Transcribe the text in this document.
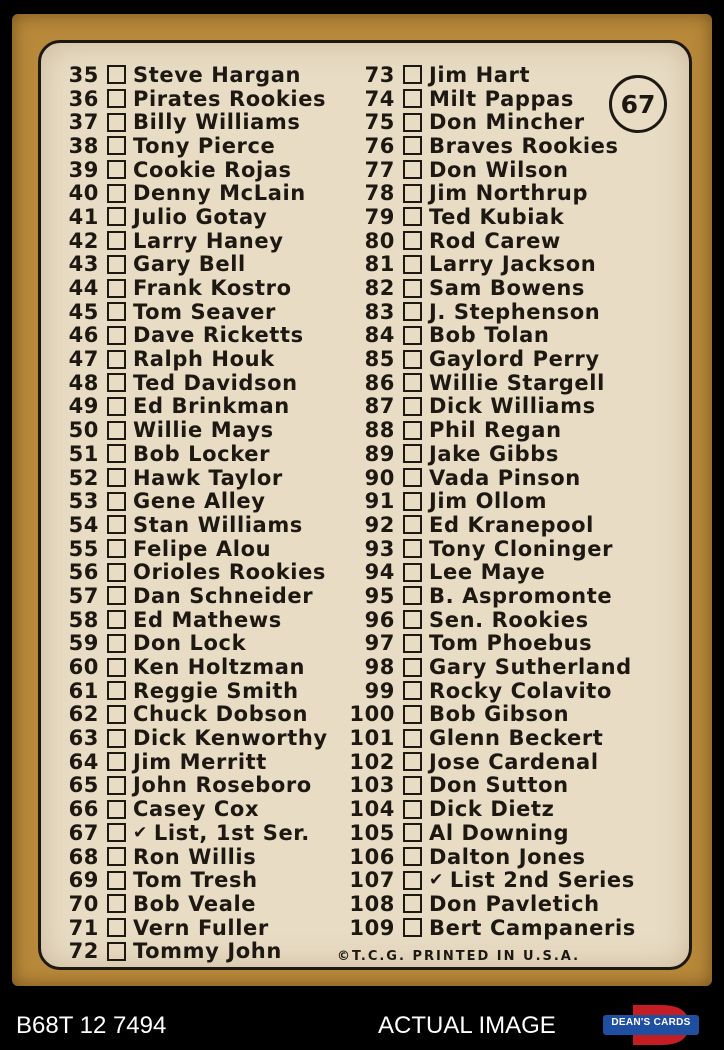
35 Steve Hargan
36 Pirates Rookies
37 Billy Williams
38 Tony Pierce
39 Cookie Rojas
40 Denny McLain
41 Julio Gotay
42 Larry Haney
43 Gary Bell
44 Frank Kostro
45 Tom Seaver
46 Dave Ricketts
47 Ralph Houk
48 Ted Davidson
49 Ed Brinkman
50 Willie Mays
51 Bob Locker
52 Hawk Taylor
53 Gene Alley
54 Stan Williams
55 Felipe Alou
56 Orioles Rookies
57 Dan Schneider
58 Ed Mathews
59 Don Lock
60 Ken Holtzman
61 Reggie Smith
62 Chuck Dobson
63 Dick Kenworthy
64 Jim Merritt
65 John Roseboro
66 Casey Cox
67 ✔ List, 1st Ser.
68 Ron Willis
69 Tom Tresh
70 Bob Veale
71 Vern Fuller
72 Tommy John
73 Jim Hart
74 Milt Pappas
75 Don Mincher
76 Braves Rookies
77 Don Wilson
78 Jim Northrup
79 Ted Kubiak
80 Rod Carew
81 Larry Jackson
82 Sam Bowens
83 J. Stephenson
84 Bob Tolan
85 Gaylord Perry
86 Willie Stargell
87 Dick Williams
88 Phil Regan
89 Jake Gibbs
90 Vada Pinson
91 Jim Ollom
92 Ed Kranepool
93 Tony Cloninger
94 Lee Maye
95 B. Aspromonte
96 Sen. Rookies
97 Tom Phoebus
98 Gary Sutherland
99 Rocky Colavito
100 Bob Gibson
101 Glenn Beckert
102 Jose Cardenal
103 Don Sutton
104 Dick Dietz
105 Al Downing
106 Dalton Jones
107 ✔ List 2nd Series
108 Don Pavletich
109 Bert Campaneris
67
©T.C.G. PRINTED IN U.S.A.
B68T 12 7494	ACTUAL IMAGE	DEAN'S CARDS
